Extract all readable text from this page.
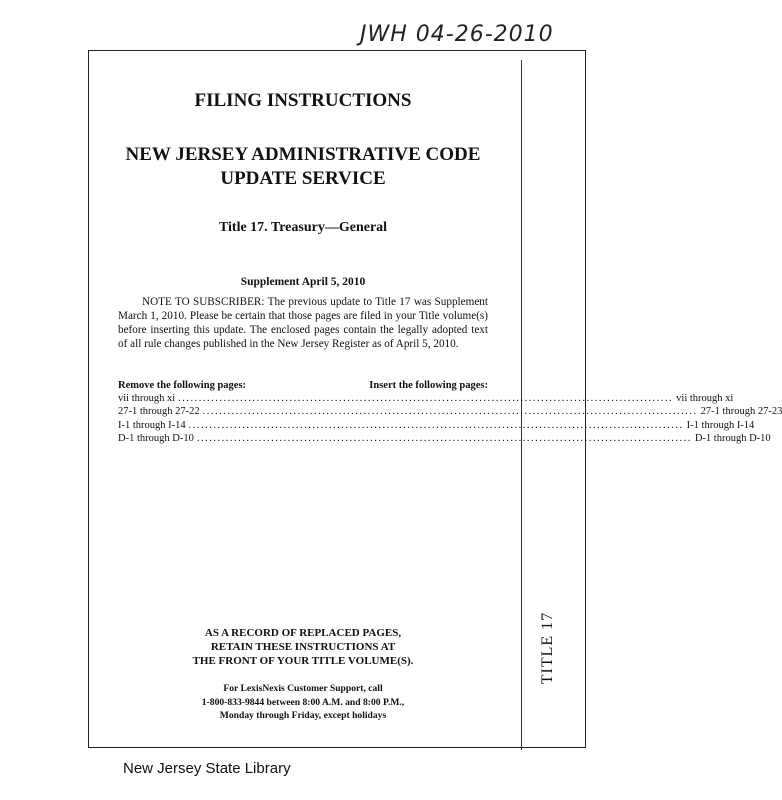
JWH 04-26-2010
TITLE 17
FILING INSTRUCTIONS
NEW JERSEY ADMINISTRATIVE CODE
UPDATE SERVICE
Title 17. Treasury—General
Supplement April 5, 2010
NOTE TO SUBSCRIBER: The previous update to Title 17 was Supplement March 1, 2010. Please be certain that those pages are filed in your Title volume(s) before inserting this update. The enclosed pages contain the legally adopted text of all rule changes published in the New Jersey Register as of April 5, 2010.
Remove the following pages:	Insert the following pages:
vii through xi ........................................................................................................................ vii through xi
27-1 through 27-22 ........................................................................................................................ 27-1 through 27-23
I-1 through I-14 ........................................................................................................................ I-1 through I-14
D-1 through D-10 ........................................................................................................................ D-1 through D-10
AS A RECORD OF REPLACED PAGES,
RETAIN THESE INSTRUCTIONS AT
THE FRONT OF YOUR TITLE VOLUME(S).
For LexisNexis Customer Support, call
1-800-833-9844 between 8:00 A.M. and 8:00 P.M.,
Monday through Friday, except holidays
New Jersey State Library
